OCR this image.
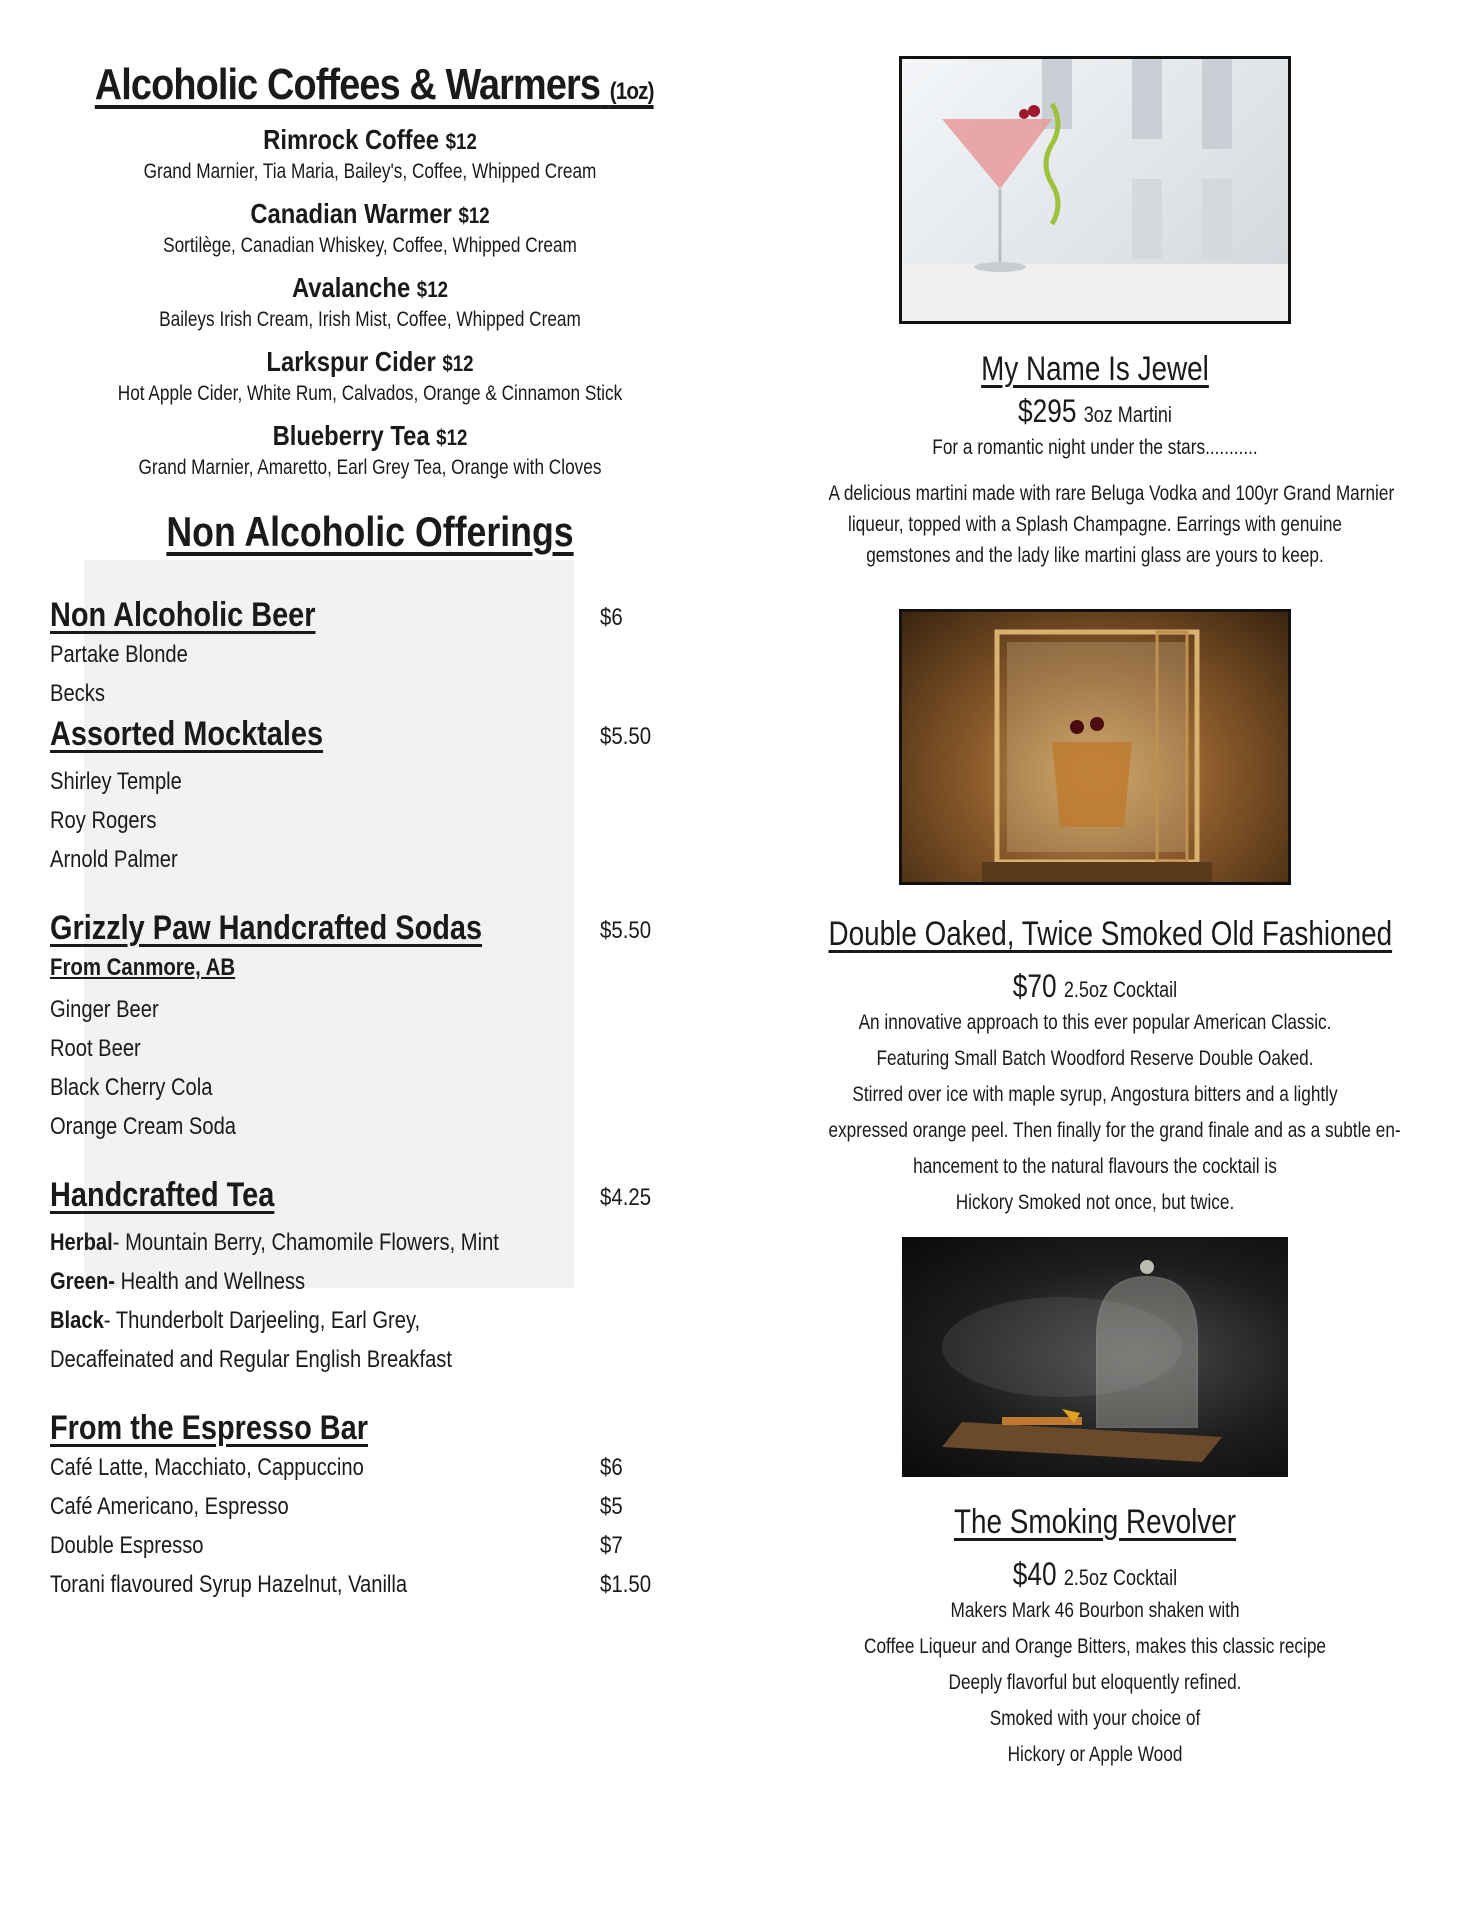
Alcoholic Coffees & Warmers (1oz)
Rimrock Coffee $12
Grand Marnier, Tia Maria, Bailey's, Coffee, Whipped Cream
Canadian Warmer $12
Sortilège, Canadian Whiskey, Coffee, Whipped Cream
Avalanche $12
Baileys Irish Cream, Irish Mist, Coffee, Whipped Cream
Larkspur Cider $12
Hot Apple Cider, White Rum, Calvados, Orange & Cinnamon Stick
Blueberry Tea $12
Grand Marnier, Amaretto, Earl Grey Tea, Orange with Cloves
Non Alcoholic Offerings
Non Alcoholic Beer	$6
Partake Blonde
Becks
Assorted Mocktales	$5.50
Shirley Temple
Roy Rogers
Arnold Palmer
Grizzly Paw Handcrafted Sodas	$5.50
From Canmore, AB
Ginger Beer
Root Beer
Black Cherry Cola
Orange Cream Soda
Handcrafted Tea	$4.25
Herbal- Mountain Berry, Chamomile Flowers, Mint
Green- Health and Wellness
Black- Thunderbolt Darjeeling, Earl Grey,
Decaffeinated and Regular English Breakfast
From the Espresso Bar
Café Latte, Macchiato, Cappuccino	$6
Café Americano, Espresso	$5
Double Espresso	$7
Torani flavoured Syrup Hazelnut, Vanilla	$1.50
My Name Is Jewel
$295 3oz Martini
For a romantic night under the stars...........
A delicious martini made with rare Beluga Vodka and 100yr Grand Marnier
liqueur, topped with a Splash Champagne. Earrings with genuine
gemstones and the lady like martini glass are yours to keep.
Double Oaked, Twice Smoked Old Fashioned
$70 2.5oz Cocktail
An innovative approach to this ever popular American Classic.
Featuring Small Batch Woodford Reserve Double Oaked.
Stirred over ice with maple syrup, Angostura bitters and a lightly
expressed orange peel. Then finally for the grand finale and as a subtle en-
hancement to the natural flavours the cocktail is
Hickory Smoked not once, but twice.
The Smoking Revolver
$40 2.5oz Cocktail
Makers Mark 46 Bourbon shaken with
Coffee Liqueur and Orange Bitters, makes this classic recipe
Deeply flavorful but eloquently refined.
Smoked with your choice of
Hickory or Apple Wood
